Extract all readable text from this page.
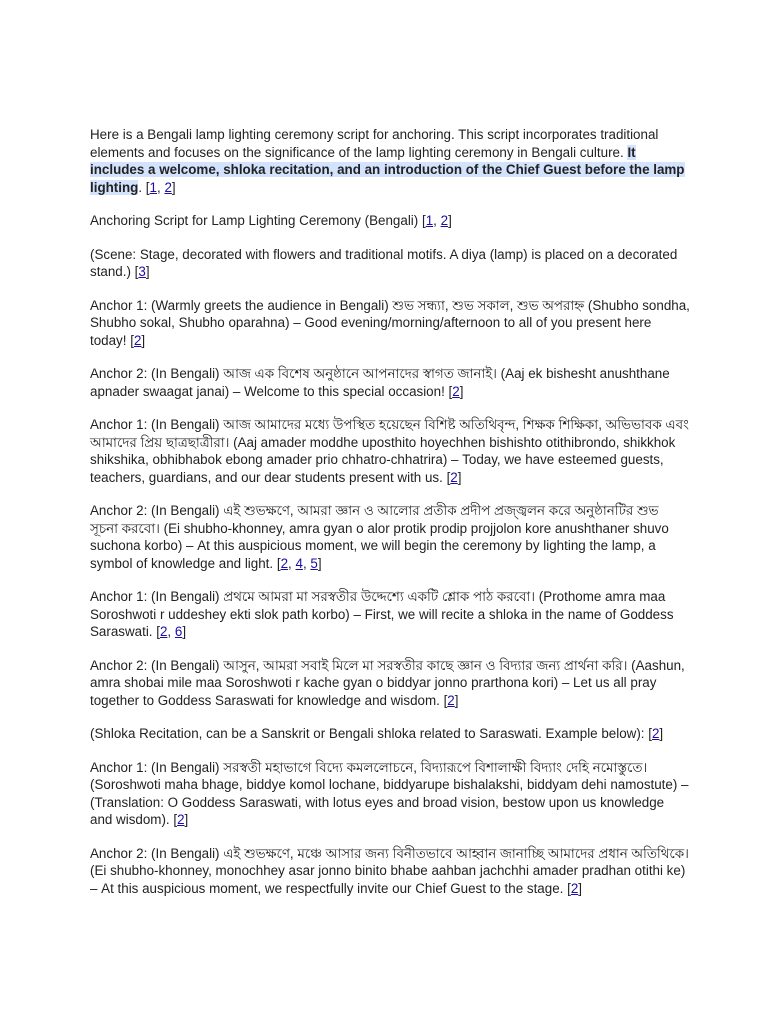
Here is a Bengali lamp lighting ceremony script for anchoring. This script incorporates traditional elements and focuses on the significance of the lamp lighting ceremony in Bengali culture. It includes a welcome, shloka recitation, and an introduction of the Chief Guest before the lamp lighting. [1, 2]

Anchoring Script for Lamp Lighting Ceremony (Bengali) [1, 2]

(Scene: Stage, decorated with flowers and traditional motifs. A diya (lamp) is placed on a decorated stand.) [3]

Anchor 1: (Warmly greets the audience in Bengali) শুভ সন্ধ্যা, শুভ সকাল, শুভ অপরাহ্ন (Shubho sondha, Shubho sokal, Shubho oparahna) – Good evening/morning/afternoon to all of you present here today! [2]

Anchor 2: (In Bengali) আজ এক বিশেষ অনুষ্ঠানে আপনাদের স্বাগত জানাই। (Aaj ek bishesht anushthane apnader swaagat janai) – Welcome to this special occasion! [2]

Anchor 1: (In Bengali) আজ আমাদের মধ্যে উপস্থিত হয়েছেন বিশিষ্ট অতিথিবৃন্দ, শিক্ষক শিক্ষিকা, অভিভাবক এবং আমাদের প্রিয় ছাত্রছাত্রীরা। (Aaj amader moddhe uposthito hoyechhen bishishto otithibrondo, shikkhok shikshika, obhibhabok ebong amader prio chhatro-chhatrira) – Today, we have esteemed guests, teachers, guardians, and our dear students present with us. [2]

Anchor 2: (In Bengali) এই শুভক্ষণে, আমরা জ্ঞান ও আলোর প্রতীক প্রদীপ প্রজ্জ্বলন করে অনুষ্ঠানটির শুভ সূচনা করবো। (Ei shubho-khonney, amra gyan o alor protik prodip projjolon kore anushthaner shuvo suchona korbo) – At this auspicious moment, we will begin the ceremony by lighting the lamp, a symbol of knowledge and light. [2, 4, 5]

Anchor 1: (In Bengali) প্রথমে আমরা মা সরস্বতীর উদ্দেশ্যে একটি শ্লোক পাঠ করবো। (Prothome amra maa Soroshwoti r uddeshey ekti slok path korbo) – First, we will recite a shloka in the name of Goddess Saraswati. [2, 6]

Anchor 2: (In Bengali) আসুন, আমরা সবাই মিলে মা সরস্বতীর কাছে জ্ঞান ও বিদ্যার জন্য প্রার্থনা করি। (Aashun, amra shobai mile maa Soroshwoti r kache gyan o biddyar jonno prarthona kori) – Let us all pray together to Goddess Saraswati for knowledge and wisdom. [2]

(Shloka Recitation, can be a Sanskrit or Bengali shloka related to Saraswati. Example below): [2]

Anchor 1: (In Bengali) সরস্বতী মহাভাগে বিদ্যে কমললোচনে, বিদ্যারূপে বিশালাক্ষী বিদ্যাং দেহি নমোস্তুতে। (Soroshwoti maha bhage, biddye komol lochane, biddyarupe bishalakshi, biddyam dehi namostute) – (Translation: O Goddess Saraswati, with lotus eyes and broad vision, bestow upon us knowledge and wisdom). [2]

Anchor 2: (In Bengali) এই শুভক্ষণে, মঞ্চে আসার জন্য বিনীতভাবে আহ্বান জানাচ্ছি আমাদের প্রধান অতিথিকে। (Ei shubho-khonney, monochhey asar jonno binito bhabe aahban jachchhi amader pradhan otithi ke) – At this auspicious moment, we respectfully invite our Chief Guest to the stage. [2]
